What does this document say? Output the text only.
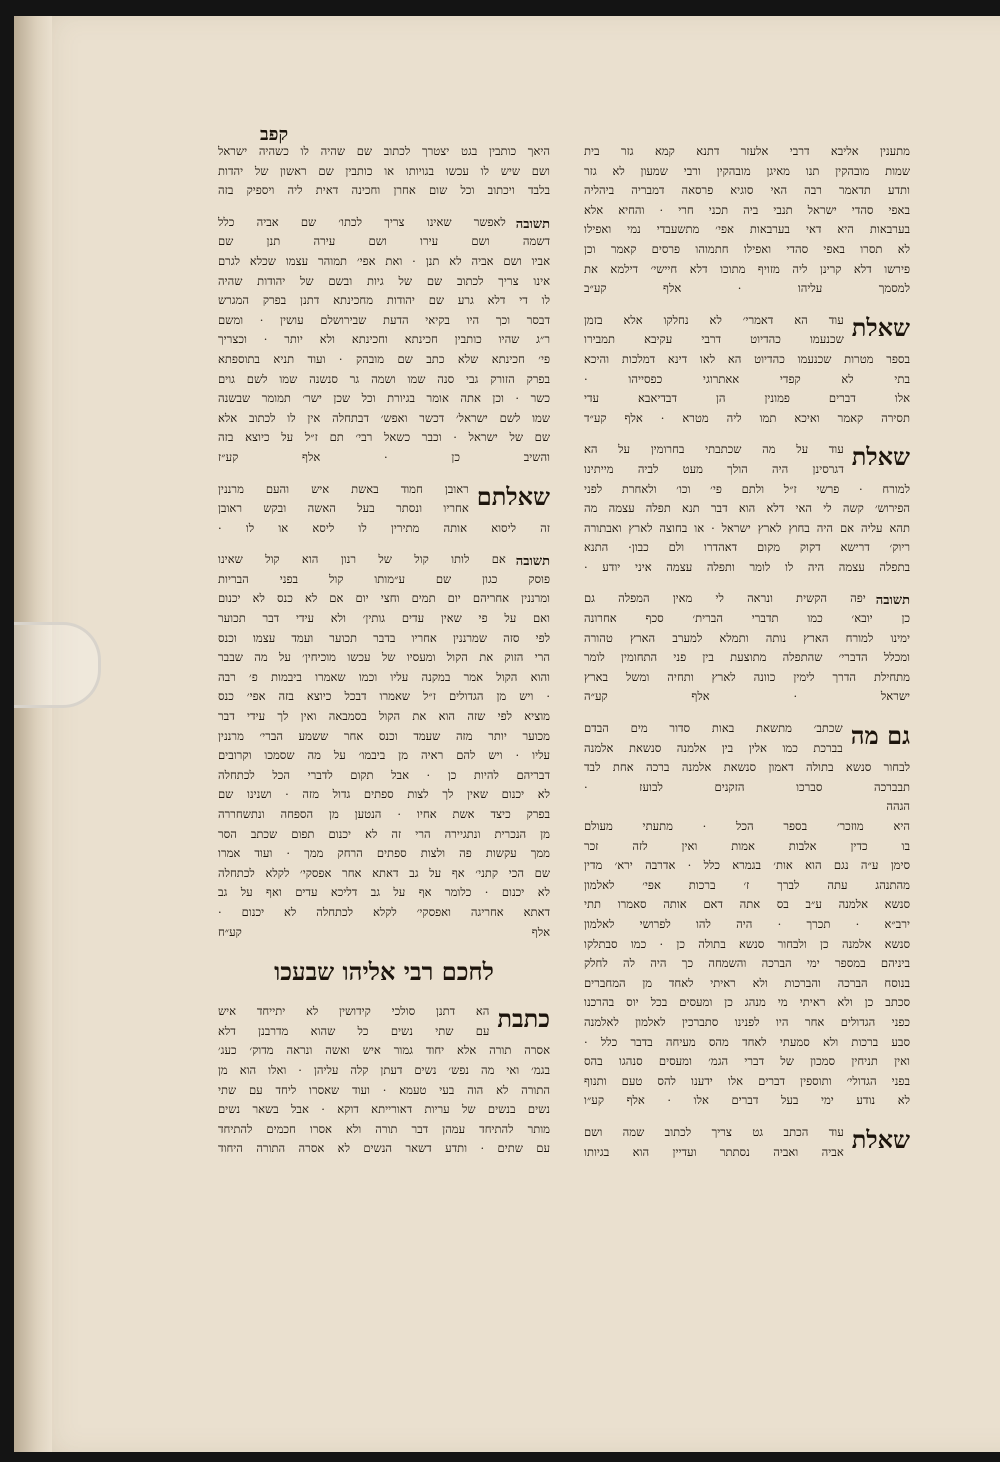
קפב
מתענין אליבא דרבי אלעזר דתנא קמא גזר בית
שמות מובהקין תנו מאיגן מובהקין ורבי שמעון לא גזר
ותדע תדאמר רבה האי סוגיא פרסאה דמבריה ביהליה
באפי סהדי ישראל תנבי ביה תכני חרי · והחיא אלא
בערבאות היא דאי בערבאות אפי׳ מתשעבדי נמי ואפילו
לא תסרו באפי סהדי ואפילו חתמוהו פרסים קאמר וכן
פירשו דלא קרינן ליה מזויף מתוכו דלא חיישי׳ דילמא את
למסמך עליהו · אלף קע״ב
שאלת
עוד הא דאמרי׳ לא נחלקו אלא בזמן
שכנעמו כהדיוט דרבי עקיבא תמבירו
בספר מטרות שכנעמו כהדיוט הא לאו דינא דמלכות והיכא
בתי לא קפדי אאתרוגי כפסייהו ·
אלו דברים פמונין הן דבדיאבא עדי
תסירה קאמר ואיכא תמו ליה מטרא · אלף קע״ד
שאלת
עוד על מה שכתבתי בחרומין על הא
דגרסינן היה הולך מעט לביה מייתינו
למורח · פרשי ז״ל ולתם פי׳ וכו׳ ולאחרת לפני
הפירוש׳ קשה לי האי דלא הוא דבר תנא תפלה עצמה מה
תהא עליה אם היה בחוץ לארץ ישראל · או בחוצה לארץ ואבתורה
ריוק׳ דרישא דקוק מקום דאהדרו ולם כבון· התנא
בתפלה עצמה היה לו לומר ותפלה עצמה איני יודע ·
תשובה
יפה הקשית ונראה לי מאין המפלה גם
כן יובא׳ כמו תדברי הברית׳ סכף אחרונה
ימינו למורח הארץ נותה ותמלא למערב הארץ טהורה
ומכלל הדברי׳ שהתפלה מתוצעת בין פני התחומין לומר
מתחילת הדרך לימין כוונה לארץ ותחיה ומשל בארץ
ישראל · אלף קע״ה
גם מה
שכתב׳ מתשאת באות סדור מים הבדם
בברכת כמו אלין בין אלמנה סנשאת אלמנה
לבחור סנשא בתולה דאמון סנשאת אלמנה ברכה אחת לבד
תבברכה סברכו הזקנים לבועז ·
הגהה
היא מוזכר׳ בספר הכל · מתעתי מעולם
בו כדין אלבות אמות ואין לזה זכר
סימן ע״ה נגם הוא אות׳ בגמרא כלל · אדרבה ירא׳ מדין
מהתנהג עתה לברך ז׳ ברכות אפי׳ לאלמון
סנשא אלמנה ע״ב בס אתה דאם אותה סאמרו תתי
ירב״א · תכרך · היה להו לפרושי לאלמון
סנשא אלמנה כן ולבחור סנשא בתולה כן · כמו סבתלקו
ביניהם במספר ימי הברכה והשמחה כך היה לה לחלק
בנוסח הברכה והברכות ולא ראיתי לאחד מן המחברים
סכתב כן ולא ראיתי מי מנהג כן ומעסים בכל יוס בהרכנו
כפני הגדולים אחר היו לפנינו סתברכין לאלמון לאלמנה
סבע ברכות ולא סמעתי לאחד מהס מעיחה בדבר כלל ·
ואין תניחין סמכון של דברי הגמ׳ ומעסים סנהגו בהס
בפני הגדולי׳ ותוספין דברים אלו ידענו להס טעם ותנוף
לא נודע ימי בעל דברים אלו · אלף קע״ו
שאלת
עוד הכתב גט צריך לכתוב שמה ושם
אביה ואביה נסתתר ועדיין הוא בגיותו
היאך כותבין בגט יצטרך לכתוב שם שהיה לו כשהיה ישראל
ושם שיש לו עכשו בגויותו או כותבין שם ראשון של יהדות
בלבד ויכתוב וכל שום אחרן וחכינה דאית ליה ויספיק בזה
תשובה
לאפשר שאינו צריך לכתו׳ שם אביה כלל
דשמה ושם עירו ושם עירה תנן שם
אביו ושם אביה לא תנן · ואת אפי׳ תמוהר עצמו שכלא לגרם
אינו צריך לכתוב שם של גיות ובשם של יהודות שהיה
לו די דלא גרע שם יהודות מחכינתא דתנן בפרק המגרש
דבסר וכך היו בקיאי הדעת שבירושלם עושין · ומשם
ר״ג שהיו כותבין חכינתא וחכינתא ולא יותר · וכצריך
פי׳ חכינתא שלא כתב שם מובהק · ועוד תניא בתוספתא
בפרק הזורק גבי סנה שמו ושמה גר סנשנה שמו לשם גוים
כשר · וכן אתה אומר בגיורת וכל שכן ישר׳ תמומר שבשנה
שמו לשם ישראל׳ דכשר ואפש׳ דבתחלה אין לו לכתוב אלא
שם של ישראל · וכבר כשאל רבי׳ תם ז״ל על כיוצא בזה
והשיב כן · אלף קע״ז
שאלתם
ראובן חמוד באשת איש והעם מרננין
אחריו ונסתר בעל האשה ובקש ראובן
זה ליסוא אותה מתירין לו ליסא או לו ·
תשובה
אם לותו קול של רנון הוא קול שאינו
פוסק כגון שם ע״מותו קול בפני הבריות
ומרננין אחריהם יום תמים וחצי יום אם לא כנס לא יכנום
ואם על פי שאין עדים גותין׳ ולא עידי דבר תכוער
לפי סזה שמרננין אחריו בדבר תכוער ועמד עצמו וכנס
הרי הזוק את הקול ומעסיו של עכשו מוכיחין׳ על מה שבבר
והוא הקול אמר במקנה עליו וכמו שאמרו ביבמות פ׳ רבה
· ויש מן הגדולים ז״ל שאמרו דבכל כיוצא בזה אפי׳ כנס
מוציא לפי שזה הוא את הקול בסמבאה ואין לך עידי דבר
מכוער יותר מזה שעמד וכנס אחר ששמע הברי׳ מרננין
עליו · ויש להם ראיה מן ביבמו׳ על מה שסמכו וקרובים
דבריהם להיות כן · אבל תקום לדברי הכל לכתחלה
לא יכנום שאין לך לצות ספתים גדול מזה · ושנינו שם
בפרק כיצד אשת אחיו · הנטען מן הספחה ונתשחררה
מן הנכרית ונתגיירה הרי זה לא יכנום תפום שכתב הסר
ממך עקשות פה ולצות ספתים הרחק ממך · ועוד אמרו
שם הכי קתני׳ אף על גב דאתא אחר אפסקי׳ לקלא לכתחלה
לא יכנום · כלומר אף על גב דליכא עדים ואף על גב
דאתא אחריגה ואפסקי׳ לקלא לכתחלה לא יכנום ·
אלף קע״ח
לחכם רבי אליהו שבעכו
כתבת
הא דתנן סולכי קידושין לא יתייחד איש
עם שתי נשים כל שהוא מדרבנן דלא
אסרה תורה אלא יחוד גמור איש ואשה ונראה מדוק׳ כעג׳
בגמ׳ ואי מה נפש׳ נשים דעתן קלה עליהן · ואלו הוא מן
התורה לא הוה בעי טעמא · ועוד שאסרו ליחד עם שתי
נשים בנשים של עריות דאורייתא דוקא · אבל בשאר נשים
מותר להתיחד עמהן דבר תורה ולא אסרו חכמים להתיחד
עם שתים · ותדע דשאר הנשים לא אסרה התורה היחוד
